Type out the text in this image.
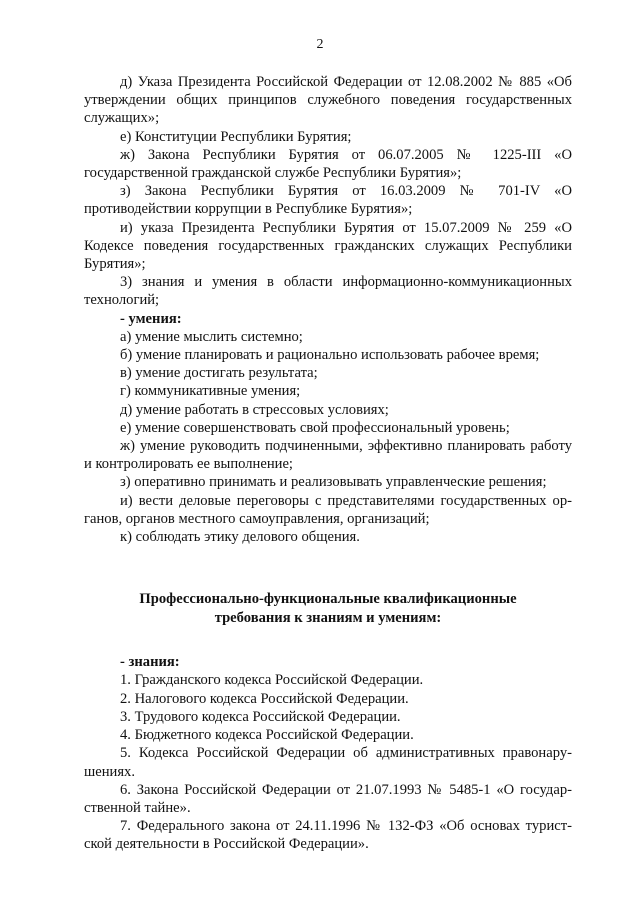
2

д) Указа Президента Российской Федерации от 12.08.2002 № 885 «Об утверждении общих принципов служебного поведения государственных служащих»;

е) Конституции Республики Бурятия;

ж) Закона Республики Бурятия от 06.07.2005 № 1225-III «О государственной гражданской службе Республики Бурятия»;

з) Закона Республики Бурятия от 16.03.2009 № 701-IV «О противодействии коррупции в Республике Бурятия»;

и) указа Президента Республики Бурятия от 15.07.2009 № 259 «О Кодексе поведения государственных гражданских служащих Республики Бурятия»;

3) знания и умения в области информационно-коммуникационных технологий;

- умения:

а) умение мыслить системно;

б) умение планировать и рационально использовать рабочее время;

в) умение достигать результата;

г) коммуникативные умения;

д) умение работать в стрессовых условиях;

е) умение совершенствовать свой профессиональный уровень;

ж) умение руководить подчиненными, эффективно планировать работу и контролировать ее выполнение;

з) оперативно принимать и реализовывать управленческие решения;

и) вести деловые переговоры с представителями государственных органов, органов местного самоуправления, организаций;

к) соблюдать этику делового общения.

Профессионально-функциональные квалификационные

требования к знаниям и умениям:

- знания:

1. Гражданского кодекса Российской Федерации.

2. Налогового кодекса Российской Федерации.

3. Трудового кодекса Российской Федерации.

4. Бюджетного кодекса Российской Федерации.

5. Кодекса Российской Федерации об административных правонарушениях.

6. Закона Российской Федерации от 21.07.1993 № 5485-1 «О государственной тайне».

7. Федерального закона от 24.11.1996 № 132-ФЗ «Об основах туристской деятельности в Российской Федерации».
